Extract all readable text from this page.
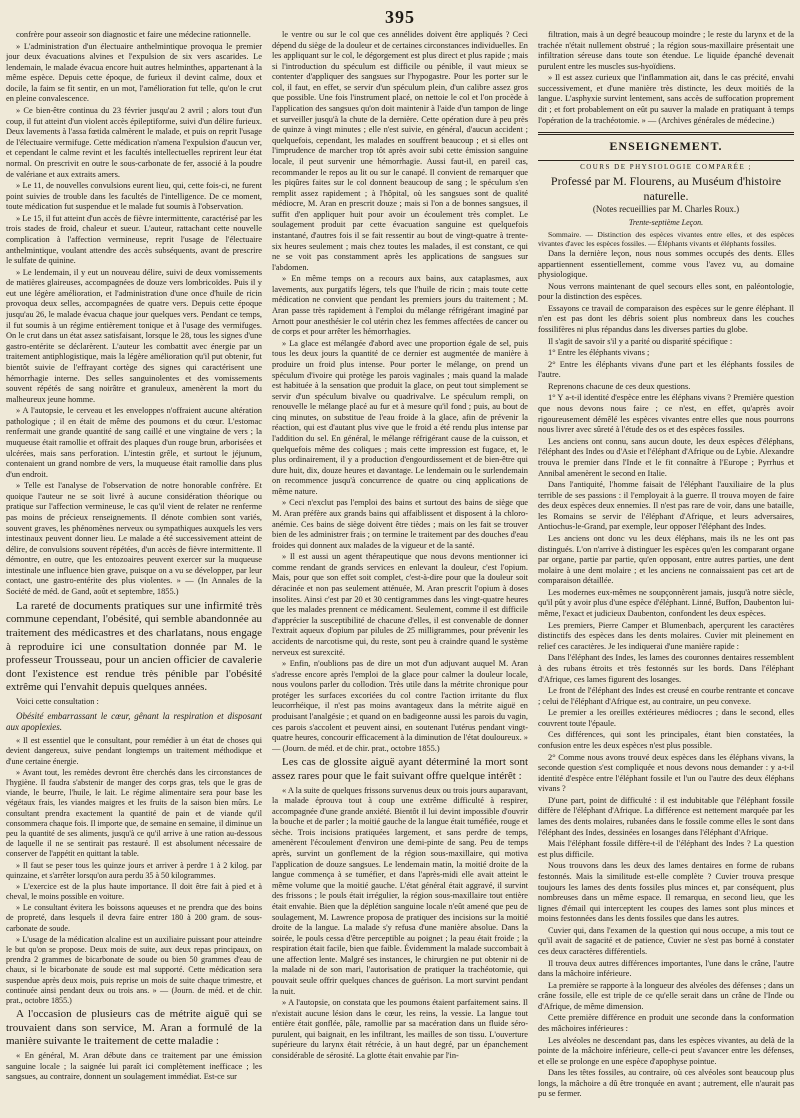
395

confrère pour asseoir son diagnostic et faire une médecine rationnelle.

» L'administration d'un électuaire anthelmintique provoqua le premier jour deux évacuations alvines et l'expulsion de six vers ascarides. Le lendemain, le malade évacua encore huit autres helminthes, appartenant à la même espèce. Depuis cette époque, de furieux il devint calme, doux et docile, la faim se fit sentir, en un mot, l'amélioration fut telle, qu'on le crut en pleine convalescence.

» Ce bien-être continua du 23 février jusqu'au 2 avril ; alors tout d'un coup, il fut atteint d'un violent accès épileptiforme, suivi d'un délire furieux. Deux lavements à l'assa fœtida calmèrent le malade, et puis on reprit l'usage de l'électuaire vermifuge. Cette médication n'amena l'expulsion d'aucun ver, et cependant le calme revint et les facultés intellectuelles reprirent leur état normal. On prescrivit en outre le sous-carbonate de fer, associé à la poudre de valériane et aux extraits amers.

» Le 11, de nouvelles convulsions eurent lieu, qui, cette fois-ci, ne furent point suivies de trouble dans les facultés de l'intelligence. De ce moment, toute médication fut suspendue et le malade fut soumis à l'observation.

» Le 15, il fut atteint d'un accès de fièvre intermittente, caractérisé par les trois stades de froid, chaleur et sueur. L'auteur, rattachant cette nouvelle complication à l'affection vermineuse, reprit l'usage de l'électuaire anthelmintique, voulant attendre des accès subséquents, avant de prescrire le sulfate de quinine.

» Le lendemain, il y eut un nouveau délire, suivi de deux vomissements de matières glaireuses, accompagnées de douze vers lombricoïdes. Puis il y eut une légère amélioration, et l'administration d'une once d'huile de ricin provoqua deux selles, accompagnées de quatre vers. Depuis cette époque jusqu'au 26, le malade évacua chaque jour quelques vers. Pendant ce temps, il fut soumis à un régime entièrement tonique et à l'usage des vermifuges. On le crut dans un état assez satisfaisant, lorsque le 28, tous les signes d'une gastro-entérite se déclarèrent. L'auteur les combattit avec énergie par un traitement antiphlogistique, mais la légère amélioration qu'il put obtenir, fut bientôt suivie de l'effrayant cortège des signes qui caractérisent une hémorrhagie interne. Des selles sanguinolentes et des vomissements souvent répétés de sang noirâtre et granuleux, amenèrent la mort du malheureux jeune homme.

» A l'autopsie, le cerveau et les enveloppes n'offraient aucune altération pathologique ; il en était de même des poumons et du cœur. L'estomac renfermait une grande quantité de sang caillé et une vingtaine de vers ; la muqueuse était ramollie et offrait des plaques d'un rouge brun, arborisées et ulcérées, mais sans perforation. L'intestin grêle, et surtout le jéjunum, contenaient un grand nombre de vers, la muqueuse était ramollie dans plus d'un endroit.

» Telle est l'analyse de l'observation de notre honorable confrère. Et quoique l'auteur ne se soit livré à aucune considération théorique ou pratique sur l'affection vermineuse, le cas qu'il vient de relater ne renferme pas moins de précieux renseignements. Il dénote combien sont variés, souvent graves, les phénomènes nerveux ou sympathiques auxquels les vers intestinaux peuvent donner lieu. Le malade a été successivement atteint de délire, de convulsions souvent répétées, d'un accès de fièvre intermittente. Il démontre, en outre, que les entozoaires peuvent exercer sur la muqueuse intestinale une influence bien grave, puisque on a vu se développer, par leur contact, une gastro-entérite des plus violentes. » — (In Annales de la Société de méd. de Gand, août et septembre, 1855.)

La rareté de documents pratiques sur une infirmité très commune cependant, l'obésité, qui semble abandonnée au traitement des médicastres et des charlatans, nous engage à reproduire ici une consultation donnée par M. le professeur Trousseau, pour un ancien officier de cavalerie dont l'existence est rendue très pénible par l'obésité extrême qui l'envahit depuis quelques années.

Voici cette consultation :

Obésité embarrassant le cœur, gênant la respiration et disposant aux apoplexies.

« Il est essentiel que le consultant, pour remédier à un état de choses qui devient dangereux, suive pendant longtemps un traitement méthodique et d'une certaine énergie.

» Avant tout, les remèdes devront être cherchés dans les circonstances de l'hygiène. Il faudra s'abstenir de manger des corps gras, tels que le gras de viande, le beurre, l'huile, le lait. Le régime alimentaire sera pour base les végétaux frais, les viandes maigres et les fruits de la saison bien mûrs. Le consultant prendra exactement la quantité de pain et de viande qu'il consommera chaque fois. Il importe que, de semaine en semaine, il diminue un peu la quantité de ses aliments, jusqu'à ce qu'il arrive à une ration au-dessous de laquelle il ne se sentirait pas restauré. Il est absolument nécessaire de conserver de l'appétit en quittant la table.

» Il faut se peser tous les quinze jours et arriver à perdre 1 à 2 kilog. par quinzaine, et s'arrêter lorsqu'on aura perdu 35 à 50 kilogrammes.

» L'exercice est de la plus haute importance. Il doit être fait à pied et à cheval, le moins possible en voiture.

» Le consultant évitera les boissons aqueuses et ne prendra que des boins de propreté, dans lesquels il devra faire entrer 180 à 200 gram. de sous-carbonate de soude.

» L'usage de la médication alcaline est un auxiliaire puissant pour atteindre le but qu'on se propose. Deux mois de suite, aux deux repas principaux, on prendra 2 grammes de bicarbonate de soude ou bien 50 grammes d'eau de chaux, si le bicarbonate de soude est mal supporté. Cette médication sera suspendue après deux mois, puis reprise un mois de suite chaque trimestre, et continuée ainsi pendant deux ou trois ans. » — (Journ. de méd. et de chir. prat., octobre 1855.)

A l'occasion de plusieurs cas de métrite aiguë qui se trouvaient dans son service, M. Aran a formulé de la manière suivante le traitement de cette maladie :

« En général, M. Aran débute dans ce traitement par une émission sanguine locale ; la saignée lui paraît ici complètement inefficace ; les sangsues, au contraire, donnent un soulagement immédiat. Est-ce sur

le ventre ou sur le col que ces annélides doivent être appliqués ? Ceci dépend du siège de la douleur et de certaines circonstances individuelles. En les appliquant sur le col, le dégorgement est plus direct et plus rapide ; mais si l'introduction du spéculum est difficile ou pénible, il vaut mieux se contenter d'appliquer des sangsues sur l'hypogastre. Pour les porter sur le col, il faut, en effet, se servir d'un spéculum plein, d'un calibre assez gros que possible. Une fois l'instrument placé, on nettoie le col et l'on procède à l'application des sangsues qu'on doit maintenir à l'aide d'un tampon de linge et surveiller jusqu'à la chute de la dernière. Cette opération dure à peu près de quinze à vingt minutes ; elle n'est suivie, en général, d'aucun accident ; quelquefois, cependant, les malades en souffrent beaucoup ; et si elles ont l'imprudence de marcher trop tôt après avoir subi cette émission sanguine locale, il peut survenir une hémorrhagie. Aussi faut-il, en pareil cas, recommander le repos au lit ou sur le canapé. Il convient de remarquer que les piqûres faites sur le col donnent beaucoup de sang ; le spéculum s'en remplit assez rapidement ; à l'hôpital, où les sangsues sont de qualité médiocre, M. Aran en prescrit douze ; mais si l'on a de bonnes sangsues, il suffit d'en appliquer huit pour avoir un écoulement très complet. Le soulagement produit par cette évacuation sanguine est quelquefois instantané, d'autres fois il se fait ressentir au bout de vingt-quatre à trente-six heures seulement ; mais chez toutes les malades, il est constant, ce qui ne se voit pas constamment après les applications de sangsues sur l'abdomen.

» En même temps on a recours aux bains, aux cataplasmes, aux lavements, aux purgatifs légers, tels que l'huile de ricin ; mais toute cette médication ne convient que pendant les premiers jours du traitement ; M. Aran passe très rapidement à l'emploi du mélange réfrigérant imaginé par Arnott pour anesthésier le col utérin chez les femmes affectées de cancer ou de corps et pour arrêter les hémorrhagies.

» La glace est mélangée d'abord avec une proportion égale de sel, puis tous les deux jours la quantité de ce dernier est augmentée de manière à produire un froid plus intense. Pour porter le mélange, on prend un spéculum d'ivoire qui protège les parois vaginales ; mais quand la malade est habituée à la sensation que produit la glace, on peut tout simplement se servir d'un spéculum bivalve ou quadrivalve. Le spéculum rempli, on renouvelle le mélange placé au fur et à mesure qu'il fond ; puis, au bout de cinq minutes, on substitue de l'eau froide à la glace, afin de prévenir la réaction, qui est d'autant plus vive que le froid a été rendu plus intense par l'addition du sel. En général, le mélange réfrigérant cause de la cuisson, et quelquefois même des coliques ; mais cette impression est fugace, et, le plus ordinairement, il y a production d'engourdissement et de bien-être qui dure huit, dix, douze heures et davantage. Le lendemain ou le surlendemain on recommence jusqu'à concurrence de quatre ou cinq applications de même nature.

» Ceci n'exclut pas l'emploi des bains et surtout des bains de siège que M. Aran préfère aux grands bains qui affaiblissent et disposent à la chloro-anémie. Ces bains de siège doivent être tièdes ; mais on les fait se trouver bien de les administrer frais ; on termine le traitement par des douches d'eau froides qui donnent aux malades de la vigueur et de la santé.

» Il est aussi un agent thérapeutique que nous devons mentionner ici comme rendant de grands services en enlevant la douleur, c'est l'opium. Mais, pour que son effet soit complet, c'est-à-dire pour que la douleur soit déracinée et non pas seulement atténuée, M. Aran prescrit l'opium à doses insolites. Ainsi c'est par 20 et 30 centigrammes dans les vingt-quatre heures que les malades prennent ce médicament. Seulement, comme il est difficile d'apprécier la susceptibilité de chacune d'elles, il est convenable de donner l'extrait aqueux d'opium par pilules de 25 milligrammes, pour prévenir les accidents de narcotisme qui, du reste, sont peu à craindre quand le système nerveux est surexcité.

» Enfin, n'oublions pas de dire un mot d'un adjuvant auquel M. Aran s'adresse encore après l'emploi de la glace pour calmer la douleur locale, nous voulons parler du collodion. Très utile dans la métrite chronique pour protéger les surfaces excoriées du col contre l'action irritante du flux leucorrhéique, il n'est pas moins avantageux dans la métrite aiguë en produisant l'analgésie ; et quand on en badigeonne aussi les parois du vagin, ces parois s'accolent et peuvent ainsi, en soutenant l'utérus pendant vingt-quatre heures, concourir efficacement à la diminution de l'état douloureux. » — (Journ. de méd. et de chir. prat., octobre 1855.)

Les cas de glossite aiguë ayant déterminé la mort sont assez rares pour que le fait suivant offre quelque intérêt :

« A la suite de quelques frissons survenus deux ou trois jours auparavant, la malade éprouva tout à coup une extrême difficulté à respirer, accompagnée d'une grande anxiété. Bientôt il lui devint impossible d'ouvrir la bouche et de parler ; la moitié gauche de la langue était tuméfiée, rouge et sèche. Trois incisions pratiquées largement, et sans perdre de temps, amenèrent l'écoulement d'environ une demi-pinte de sang. Peu de temps après, survint un gonflement de la région sous-maxillaire, qui motiva l'application de douze sangsues. Le lendemain matin, la moitié droite de la langue commença à se tuméfier, et dans l'après-midi elle avait atteint le même volume que la moitié gauche. L'état général était aggravé, il survint des frissons ; le pouls était irrégulier, la région sous-maxillaire tout entière était envahie. Bien que la déplétion sanguine locale n'eût amené que peu de soulagement, M. Lawrence proposa de pratiquer des incisions sur la moitié droite de la langue. La malade s'y refusa d'une manière absolue. Dans la soirée, le pouls cessa d'être perceptible au poignet ; la peau était froide ; la respiration était facile, bien que faible. Évidemment la malade succombait à une affection lente. Malgré ses instances, le chirurgien ne put obtenir ni de la malade ni de son mari, l'autorisation de pratiquer la trachéotomie, qui pouvait seule offrir quelques chances de guérison. La mort survint pendant la nuit.

» A l'autopsie, on constata que les poumons étaient parfaitement sains. Il n'existait aucune lésion dans le cœur, les reins, la vessie. La langue tout entière était gonflée, pâle, ramollie par sa macération dans un fluide séro-purulent, qui baignait, en les infiltrant, les mailles de son tissu. L'ouverture supérieure du larynx était rétrécie, à un haut degré, par un épanchement considérable de sérosité. La glotte était envahie par l'in-

filtration, mais à un degré beaucoup moindre ; le reste du larynx et de la trachée n'était nullement obstrué ; la région sous-maxillaire présentait une infiltration séreuse dans toute son étendue. Le liquide épanché devenait purulent entre les muscles sus-hyoïdiens.

» Il est assez curieux que l'inflammation ait, dans le cas précité, envahi successivement, et d'une manière très distincte, les deux moitiés de la langue. L'asphyxie survint lentement, sans accès de suffocation proprement dit ; et fort probablement on eût pu sauver la malade en pratiquant à temps l'opération de la trachéotomie. » — (Archives générales de médecine.)

ENSEIGNEMENT.
COURS DE PHYSIOLOGIE COMPARÉE ;
Professé par M. Flourens, au Muséum d'histoire naturelle.
(Notes recueillies par M. Charles Roux.)
Trente-septième Leçon.

Sommaire. — Distinction des espèces vivantes entre elles, et des espèces vivantes d'avec les espèces fossiles. — Éléphants vivants et éléphants fossiles.

Dans la dernière leçon, nous nous sommes occupés des dents. Elles appartiennent essentiellement, comme vous l'avez vu, au domaine physiologique.

Nous verrons maintenant de quel secours elles sont, en paléontologie, pour la distinction des espèces.

Essayons ce travail de comparaison des espèces sur le genre éléphant. Il n'en est pas dont les débris soient plus nombreux dans les couches fossilifères ni plus répandus dans les diverses parties du globe.

Il s'agit de savoir s'il y a parité ou disparité spécifique :

1° Entre les éléphants vivans ;

2° Entre les éléphants vivans d'une part et les éléphants fossiles de l'autre.

Reprenons chacune de ces deux questions.

1° Y a-t-il identité d'espèce entre les éléphans vivans ? Première question que nous devons nous faire ; ce n'est, en effet, qu'après avoir rigoureusement démêlé les espèces vivantes entre elles que nous pourrons nous livrer avec sûreté à l'étude des os et des espèces fossiles.

Les anciens ont connu, sans aucun doute, les deux espèces d'éléphans, l'éléphant des Indes ou d'Asie et l'éléphant d'Afrique ou de Lybie. Alexandre trouva le premier dans l'Inde et le fit connaître à l'Europe ; Pyrrhus et Annibal amenèrent le second en Italie.

Dans l'antiquité, l'homme faisait de l'éléphant l'auxiliaire de la plus terrible de ses passions : il l'employait à la guerre. Il trouva moyen de faire des deux espèces deux ennemies. Il n'est pas rare de voir, dans une bataille, les Romains se servir de l'éléphant d'Afrique, et leurs adversaires, Antiochus-le-Grand, par exemple, leur opposer l'éléphant des Indes.

Les anciens ont donc vu les deux éléphans, mais ils ne les ont pas distingués. L'on n'arrive à distinguer les espèces qu'en les comparant organe par organe, partie par partie, qu'en opposant, entre autres parties, une dent molaire à une dent molaire ; et les anciens ne connaissaient pas cet art de comparaison détaillée.

Les modernes eux-mêmes ne soupçonnèrent jamais, jusqu'à notre siècle, qu'il pût y avoir plus d'une espèce d'éléphant. Linné, Buffon, Daubenton lui-même, l'exact et judicieux Daubenton, confondent les deux espèces.

Les premiers, Pierre Camper et Blumenbach, aperçurent les caractères distinctifs des espèces dans les dents molaires. Cuvier mit pleinement en relief ces caractères. Je les indiquerai d'une manière rapide :

Dans l'éléphant des Indes, les lames des couronnes dentaires ressemblent à des rubans étroits et très festonnés sur les bords. Dans l'éléphant d'Afrique, ces lames figurent des losanges.

Le front de l'éléphant des Indes est creusé en courbe rentrante et concave ; celui de l'éléphant d'Afrique est, au contraire, un peu convexe.

Le premier a les oreilles extérieures médiocres ; dans le second, elles couvrent toute l'épaule.

Ces différences, qui sont les principales, étant bien constatées, la confusion entre les deux espèces n'est plus possible.

2° Comme nous avons trouvé deux espèces dans les éléphans vivans, la seconde question s'est compliquée et nous devons nous demander : y a-t-il identité d'espèce entre l'éléphant fossile et l'un ou l'autre des deux éléphans vivans ?

D'une part, point de difficulté : il est indubitable que l'éléphant fossile diffère de l'éléphant d'Afrique. La différence est nettement marquée par les lames des dents molaires, rubanées dans le fossile comme elles le sont dans l'éléphant des Indes, dessinées en losanges dans l'éléphant d'Afrique.

Mais l'éléphant fossile diffère-t-il de l'éléphant des Indes ? La question est plus difficile.

Nous trouvons dans les deux des lames dentaires en forme de rubans festonnés. Mais la similitude est-elle complète ? Cuvier trouva presque toujours les lames des dents fossiles plus minces et, par conséquent, plus nombreuses dans un même espace. Il remarqua, en second lieu, que les lignes d'émail qui interceptent les coupes des lames sont plus minces et moins festonnées dans les dents fossiles que dans les autres.

Cuvier qui, dans l'examen de la question qui nous occupe, a mis tout ce qu'il avait de sagacité et de patience, Cuvier ne s'est pas borné à constater ces deux caractères différentiels.

Il trouva deux autres différences importantes, l'une dans le crâne, l'autre dans la mâchoire inférieure.

La première se rapporte à la longueur des alvéoles des défenses ; dans un crâne fossile, elle est triple de ce qu'elle serait dans un crâne de l'Inde ou d'Afrique, de même dimension.

Cette première différence en produit une seconde dans la conformation des mâchoires inférieures :

Les alvéoles ne descendant pas, dans les espèces vivantes, au delà de la pointe de la mâchoire inférieure, celle-ci peut s'avancer entre les défenses, et elle se prolonge en une espèce d'apophyse pointue.

Dans les têtes fossiles, au contraire, où ces alvéoles sont beaucoup plus longs, la mâchoire a dû être tronquée en avant ; autrement, elle n'aurait pas pu se fermer.
